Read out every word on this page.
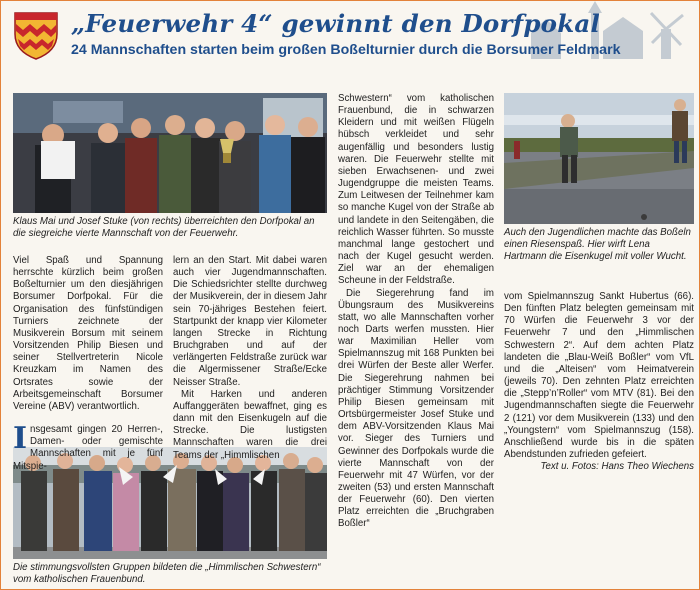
„Feuerwehr 4“ gewinnt den Dorfpokal
24 Mannschaften starten beim großen Boßelturnier durch die Borsumer Feldmark
Klaus Mai und Josef Stuke (von rechts) überreichten den Dorfpokal an die siegreiche vierte Mannschaft von der Feuerwehr.	Auch den Jugendlichen machte das Boßeln einen Riesenspaß. Hier wirft Lena Hartmann die Eisenkugel mit voller Wucht.
Die stimmungsvollsten Gruppen bildeten die „Himmlischen Schwestern“ vom katholischen Frauenbund.

Viel Spaß und Spannung herrschte kürzlich beim großen Boßelturnier um den diesjährigen Borsumer Dorfpokal. Für die Organisation des fünfstündigen Turniers zeichnete der Musikverein Borsum mit seinem Vorsitzenden Philip Biesen und seiner Stellvertreterin Nicole Kreuzkam im Namen des Ortsrates sowie der Arbeitsgemeinschaft Borsumer Vereine (ABV) verantwortlich.

Insgesamt gingen 20 Herren-, Damen- oder gemischte Mannschaften mit je fünf Mitspie-

lern an den Start. Mit dabei waren auch vier Jugendmannschaften. Die Schiedsrichter stellte durchweg der Musikverein, der in diesem Jahr sein 70-jähriges Bestehen feiert. Startpunkt der knapp vier Kilometer langen Strecke in Richtung Bruchgraben und auf der verlängerten Feldstraße zurück war die Algermissener Straße/Ecke Neisser Straße.

Mit Harken und anderen Auffanggeräten bewaffnet, ging es dann mit den Eisenkugeln auf die Strecke. Die lustigsten Mannschaften waren die drei Teams der „Himmlischen

Schwestern“ vom katholischen Frauenbund, die in schwarzen Kleidern und mit weißen Flügeln hübsch verkleidet und sehr augenfällig und besonders lustig waren. Die Feuerwehr stellte mit sieben Erwachsenen- und zwei Jugendgruppe die meisten Teams. Zum Leitwesen der Teilnehmer kam so manche Kugel von der Straße ab und landete in den Seitengäben, die reichlich Wasser führten. So musste manchmal lange gestochert und nach der Kugel gesucht werden. Ziel war an der ehemaligen Scheune in der Feldstraße.

Die Siegerehrung fand im Übungsraum des Musikvereins statt, wo alle Mannschaften vorher noch Darts werfen mussten. Hier war Maximilian Heller vom Spielmannszug mit 168 Punkten bei drei Würfen der Beste aller Werfer. Die Siegerehrung nahmen bei prächtiger Stimmung Vorsitzender Philip Biesen gemeinsam mit Ortsbürgermeister Josef Stuke und dem ABV-Vorsitzenden Klaus Mai vor. Sieger des Turniers und Gewinner des Dorfpokals wurde die vierte Mannschaft von der Feuerwehr mit 47 Würfen, vor der zweiten (53) und ersten Mannschaft der Feuerwehr (60). Den vierten Platz erreichten die „Bruchgraben Boßler“

vom Spielmannszug Sankt Hubertus (66). Den fünften Platz belegten gemeinsam mit 70 Würfen die Feuerwehr 3 vor der Feuerwehr 7 und den „Himmlischen Schwestern 2“. Auf dem achten Platz landeten die „Blau-Weiß Boßler“ vom VfL und die „Alteisen“ vom Heimatverein (jeweils 70). Den zehnten Platz erreichten die „Stepp’n’Roller“ vom MTV (81). Bei den Jugendmannschaften siegte die Feuerwehr 2 (121) vor dem Musikverein (133) und den „Youngstern“ vom Spielmannszug (158). Anschließend wurde bis in die späten Abendstunden zufrieden gefeiert.

Text u. Fotos: Hans Theo Wiechens
